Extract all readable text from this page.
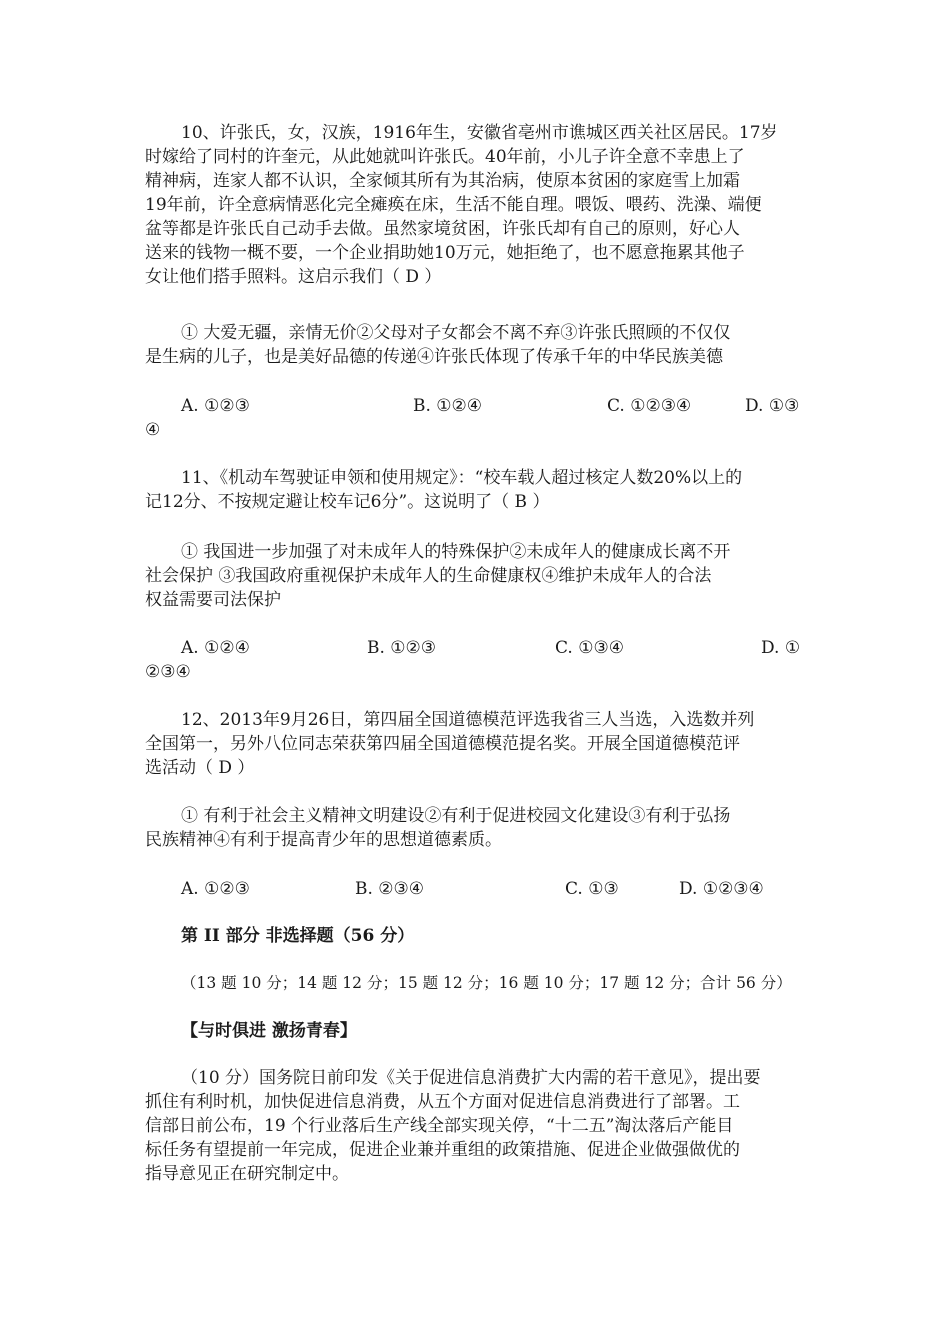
10、许张氏，女，汉族，1916年生，安徽省亳州市谯城区西关社区居民。17岁
时嫁给了同村的许奎元，从此她就叫许张氏。40年前，小儿子许全意不幸患上了
精神病，连家人都不认识，全家倾其所有为其治病，使原本贫困的家庭雪上加霜
19年前，许全意病情恶化完全瘫痪在床，生活不能自理。喂饭、喂药、洗澡、端便
盆等都是许张氏自己动手去做。虽然家境贫困，许张氏却有自己的原则，好心人
送来的钱物一概不要，一个企业捐助她10万元，她拒绝了，也不愿意拖累其他子
女让他们搭手照料。这启示我们（ D ）
① 大爱无疆，亲情无价②父母对子女都会不离不弃③许张氏照顾的不仅仅
是生病的儿子，也是美好品德的传递④许张氏体现了传承千年的中华民族美德
A. ①②③	B. ①②④	C. ①②③④	D. ①③
④
11、《机动车驾驶证申领和使用规定》：“校车载人超过核定人数20%以上的
记12分、不按规定避让校车记6分”。这说明了（ B ）
① 我国进一步加强了对未成年人的特殊保护②未成年人的健康成长离不开
社会保护 ③我国政府重视保护未成年人的生命健康权④维护未成年人的合法
权益需要司法保护
A. ①②④	B. ①②③	C. ①③④	D. ①
②③④
12、2013年9月26日，第四届全国道德模范评选我省三人当选，入选数并列
全国第一，另外八位同志荣获第四届全国道德模范提名奖。开展全国道德模范评
选活动（ D ）
① 有利于社会主义精神文明建设②有利于促进校园文化建设③有利于弘扬
民族精神④有利于提高青少年的思想道德素质。
A. ①②③	B. ②③④	C. ①③	D. ①②③④
第 II 部分 非选择题（56 分）
（13 题 10 分；14 题 12 分；15 题 12 分；16 题 10 分；17 题 12 分；合计 56 分）
【与时俱进 激扬青春】
（10 分）国务院日前印发《关于促进信息消费扩大内需的若干意见》，提出要
抓住有利时机，加快促进信息消费，从五个方面对促进信息消费进行了部署。工
信部日前公布，19 个行业落后生产线全部实现关停，“十二五”淘汰落后产能目
标任务有望提前一年完成，促进企业兼并重组的政策措施、促进企业做强做优的
指导意见正在研究制定中。
